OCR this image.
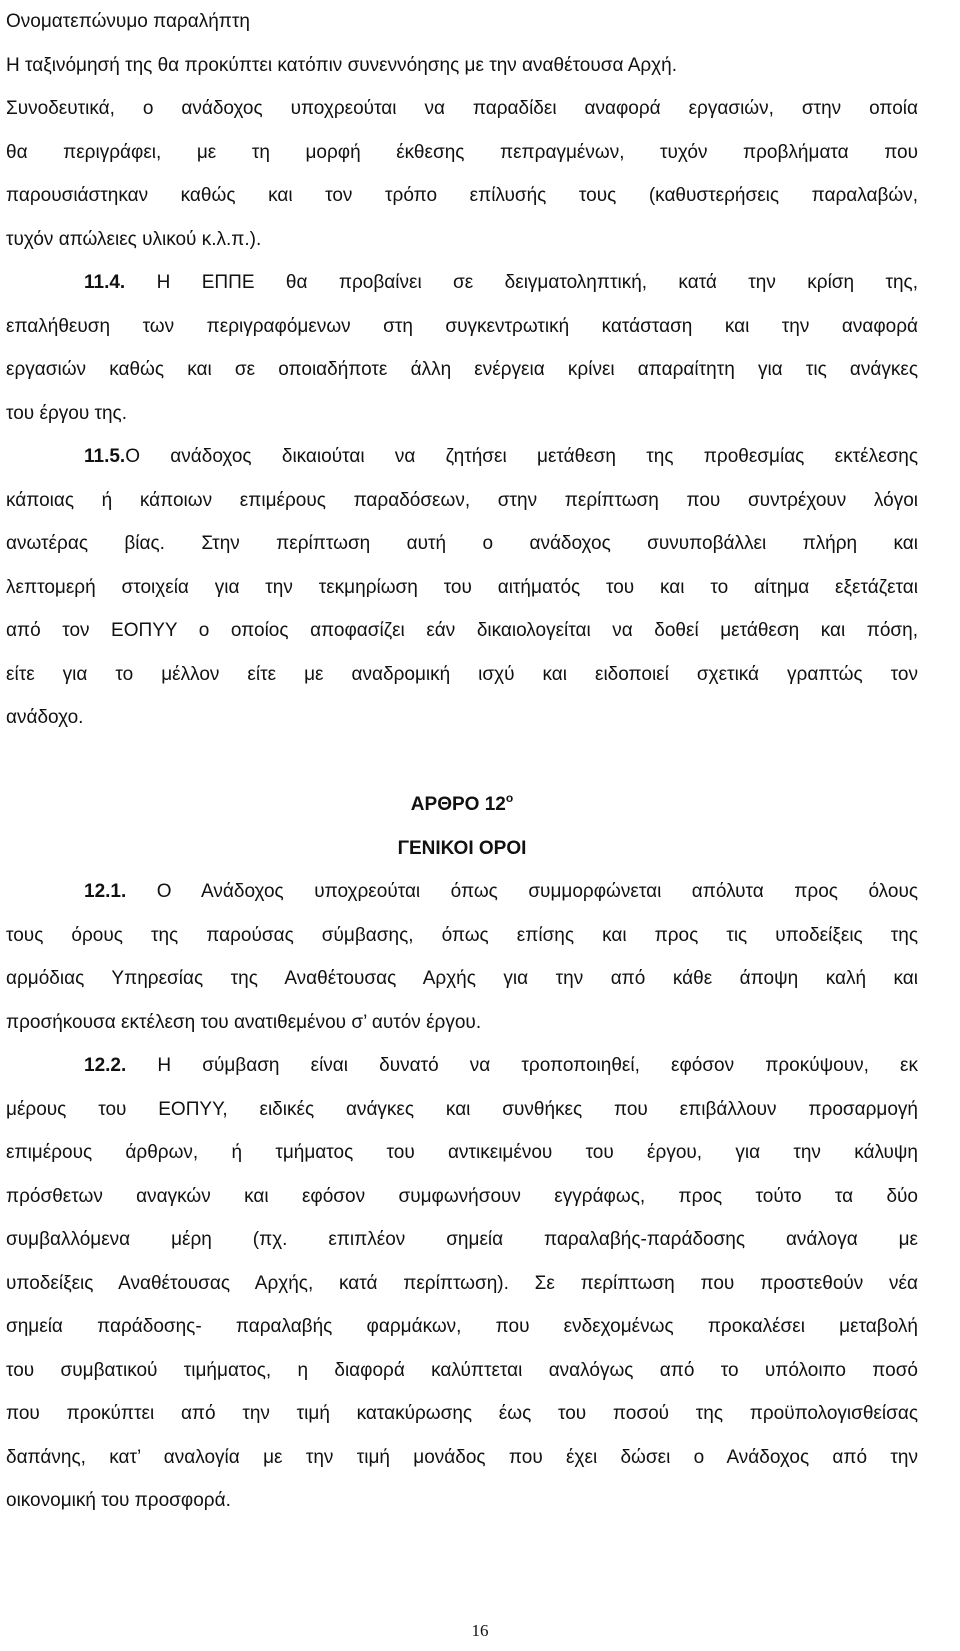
Ονοματεπώνυμο παραλήπτη
Η ταξινόμησή της θα προκύπτει κατόπιν συνεννόησης με την αναθέτουσα Αρχή.
Συνοδευτικά, ο ανάδοχος υποχρεούται να παραδίδει αναφορά εργασιών, στην οποία
θα περιγράφει, με τη μορφή έκθεσης πεπραγμένων, τυχόν προβλήματα που
παρουσιάστηκαν καθώς και τον τρόπο επίλυσής τους (καθυστερήσεις παραλαβών,
τυχόν απώλειες υλικού κ.λ.π.).
11.4. Η ΕΠΠΕ θα προβαίνει σε δειγματοληπτική, κατά την κρίση της,
επαλήθευση των περιγραφόμενων στη συγκεντρωτική κατάσταση και την αναφορά
εργασιών καθώς και σε οποιαδήποτε άλλη ενέργεια κρίνει απαραίτητη για τις ανάγκες
του έργου της.
11.5.Ο ανάδοχος δικαιούται να ζητήσει μετάθεση της προθεσμίας εκτέλεσης
κάποιας ή κάποιων επιμέρους παραδόσεων, στην περίπτωση που συντρέχουν λόγοι
ανωτέρας βίας. Στην περίπτωση αυτή ο ανάδοχος συνυποβάλλει πλήρη και
λεπτομερή στοιχεία για την τεκμηρίωση του αιτήματός του και το αίτημα εξετάζεται
από τον ΕΟΠΥΥ ο οποίος αποφασίζει εάν δικαιολογείται να δοθεί μετάθεση και πόση,
είτε για το μέλλον είτε με αναδρομική ισχύ και ειδοποιεί σχετικά γραπτώς τον
ανάδοχο.
ΑΡΘΡΟ $12^o$
ΓΕΝΙΚΟΙ ΟΡΟΙ
12.1. Ο Ανάδοχος υποχρεούται όπως συμμορφώνεται απόλυτα προς όλους
τους όρους της παρούσας σύμβασης, όπως επίσης και προς τις υποδείξεις της
αρμόδιας Υπηρεσίας της Αναθέτουσας Αρχής για την από κάθε άποψη καλή και
προσήκουσα εκτέλεση του ανατιθεμένου σ’ αυτόν έργου.
12.2. Η σύμβαση είναι δυνατό να τροποποιηθεί, εφόσον προκύψουν, εκ
μέρους του ΕΟΠΥΥ, ειδικές ανάγκες και συνθήκες που επιβάλλουν προσαρμογή
επιμέρους άρθρων, ή τμήματος του αντικειμένου του έργου, για την κάλυψη
πρόσθετων αναγκών και εφόσον συμφωνήσουν εγγράφως, προς τούτο τα δύο
συμβαλλόμενα μέρη (πχ. επιπλέον σημεία παραλαβής-παράδοσης ανάλογα με
υποδείξεις Αναθέτουσας Αρχής, κατά περίπτωση). Σε περίπτωση που προστεθούν νέα
σημεία παράδοσης- παραλαβής φαρμάκων, που ενδεχομένως προκαλέσει μεταβολή
του συμβατικού τιμήματος, η διαφορά καλύπτεται αναλόγως από το υπόλοιπο ποσό
που προκύπτει από την τιμή κατακύρωσης έως του ποσού της προϋπολογισθείσας
δαπάνης, κατ’ αναλογία με την τιμή μονάδος που έχει δώσει ο Ανάδοχος από την
οικονομική του προσφορά.
16
